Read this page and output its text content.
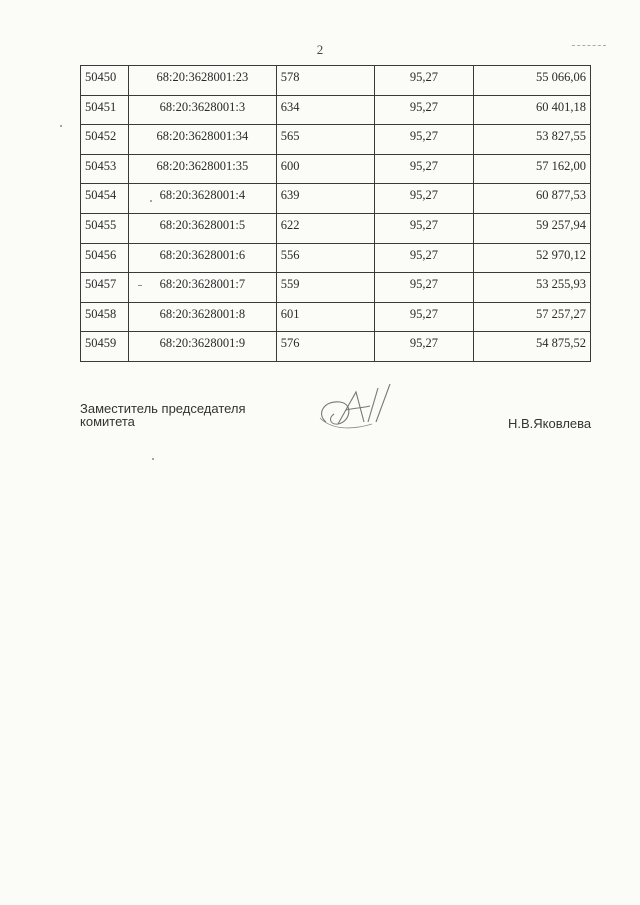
2
50450	68:20:3628001:23	578	95,27	55 066,06
50451	68:20:3628001:3	634	95,27	60 401,18
50452	68:20:3628001:34	565	95,27	53 827,55
50453	68:20:3628001:35	600	95,27	57 162,00
50454	68:20:3628001:4	639	95,27	60 877,53
50455	68:20:3628001:5	622	95,27	59 257,94
50456	68:20:3628001:6	556	95,27	52 970,12
50457	68:20:3628001:7	559	95,27	53 255,93
50458	68:20:3628001:8	601	95,27	57 257,27
50459	68:20:3628001:9	576	95,27	54 875,52
Заместитель председателя
комитета	Н.В.Яковлева
